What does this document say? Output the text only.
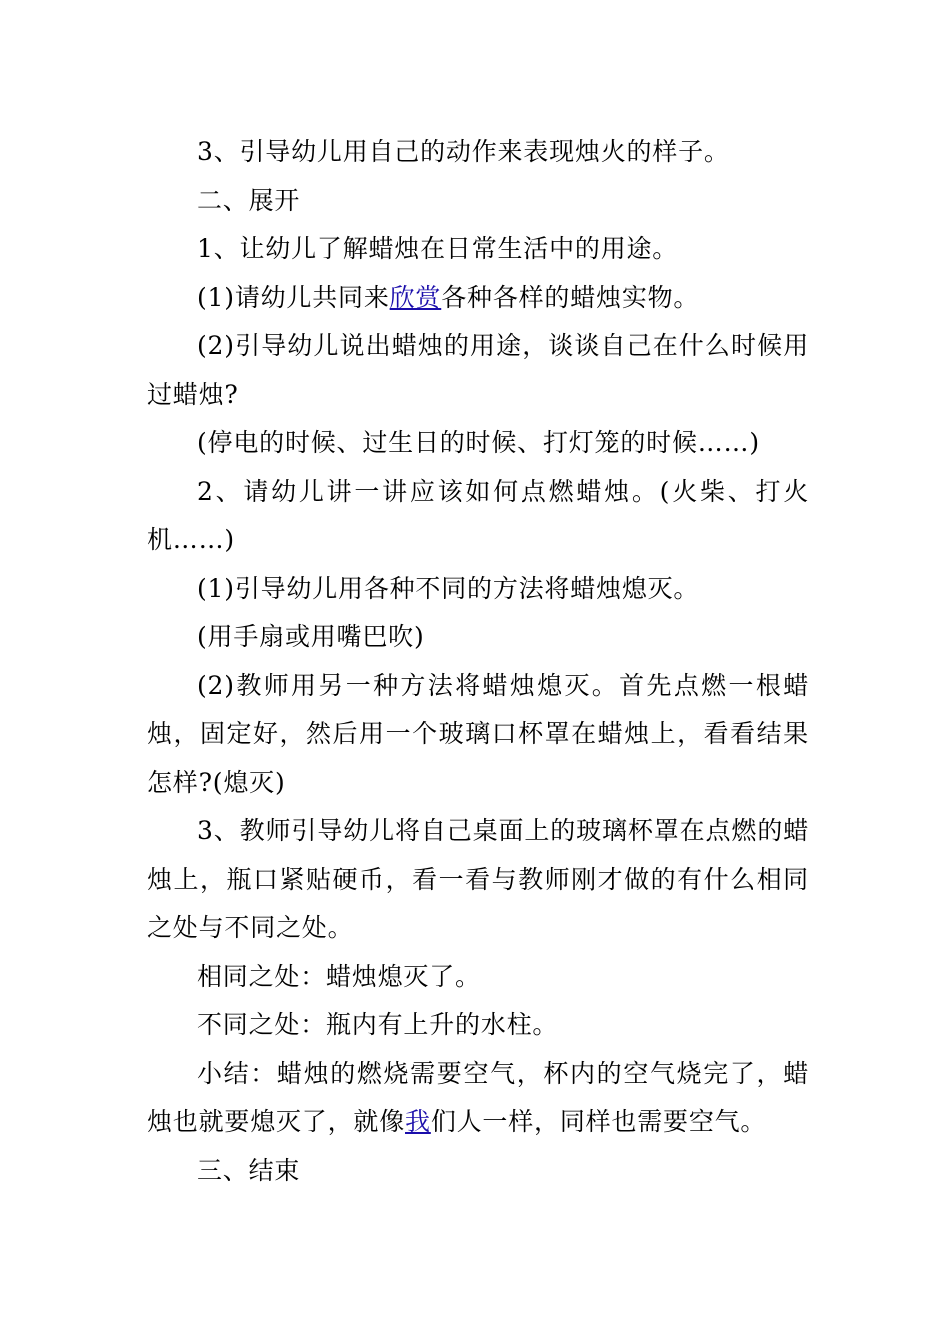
3、引导幼儿用自己的动作来表现烛火的样子。

二、展开

1、让幼儿了解蜡烛在日常生活中的用途。

(1)请幼儿共同来欣赏各种各样的蜡烛实物。

(2)引导幼儿说出蜡烛的用途，谈谈自己在什么时候用过蜡烛?

(停电的时候、过生日的时候、打灯笼的时候……)

2、请幼儿讲一讲应该如何点燃蜡烛。(火柴、打火机……)

(1)引导幼儿用各种不同的方法将蜡烛熄灭。

(用手扇或用嘴巴吹)

(2)教师用另一种方法将蜡烛熄灭。首先点燃一根蜡烛，固定好，然后用一个玻璃口杯罩在蜡烛上，看看结果怎样?(熄灭)

3、教师引导幼儿将自己桌面上的玻璃杯罩在点燃的蜡烛上，瓶口紧贴硬币，看一看与教师刚才做的有什么相同之处与不同之处。

相同之处：蜡烛熄灭了。

不同之处：瓶内有上升的水柱。

小结：蜡烛的燃烧需要空气，杯内的空气烧完了，蜡烛也就要熄灭了，就像我们人一样，同样也需要空气。

三、结束
